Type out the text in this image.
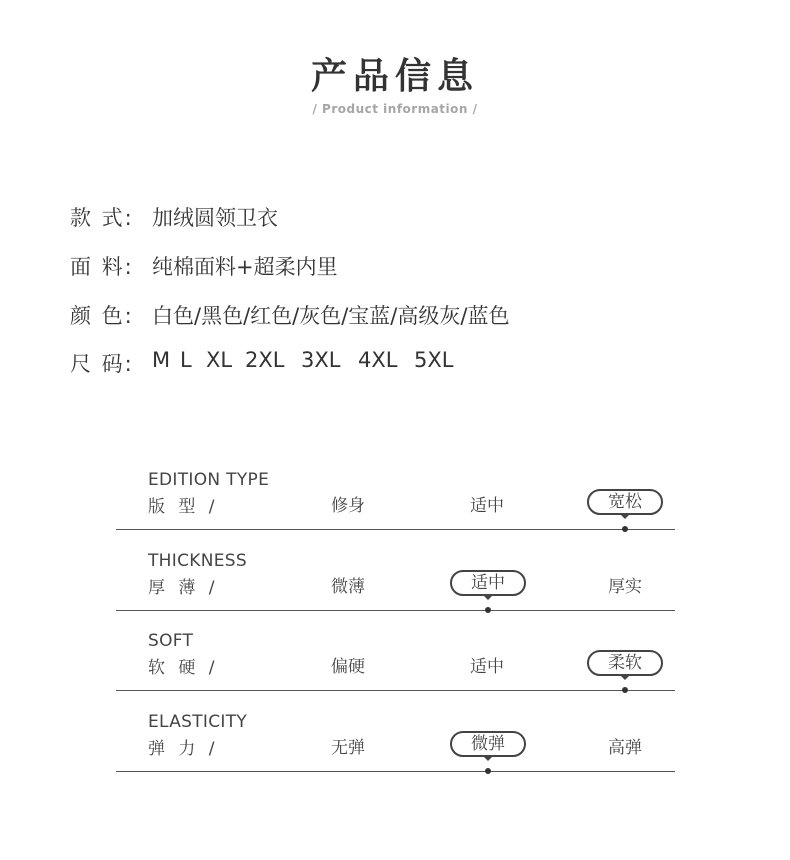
产品信息
/ Product information /
款 式: 加绒圆领卫衣
面 料: 纯棉面料+超柔内里
颜 色: 白色/黑色/红色/灰色/宝蓝/高级灰/蓝色
尺 码: M L XL 2XL 3XL 4XL 5XL
EDITION TYPE
版 型 /	修身	适中	宽松
THICKNESS
厚 薄 /	微薄	适中	厚实
SOFT
软 硬 /	偏硬	适中	柔软
ELASTICITY
弹 力 /	无弹	微弹	高弹
